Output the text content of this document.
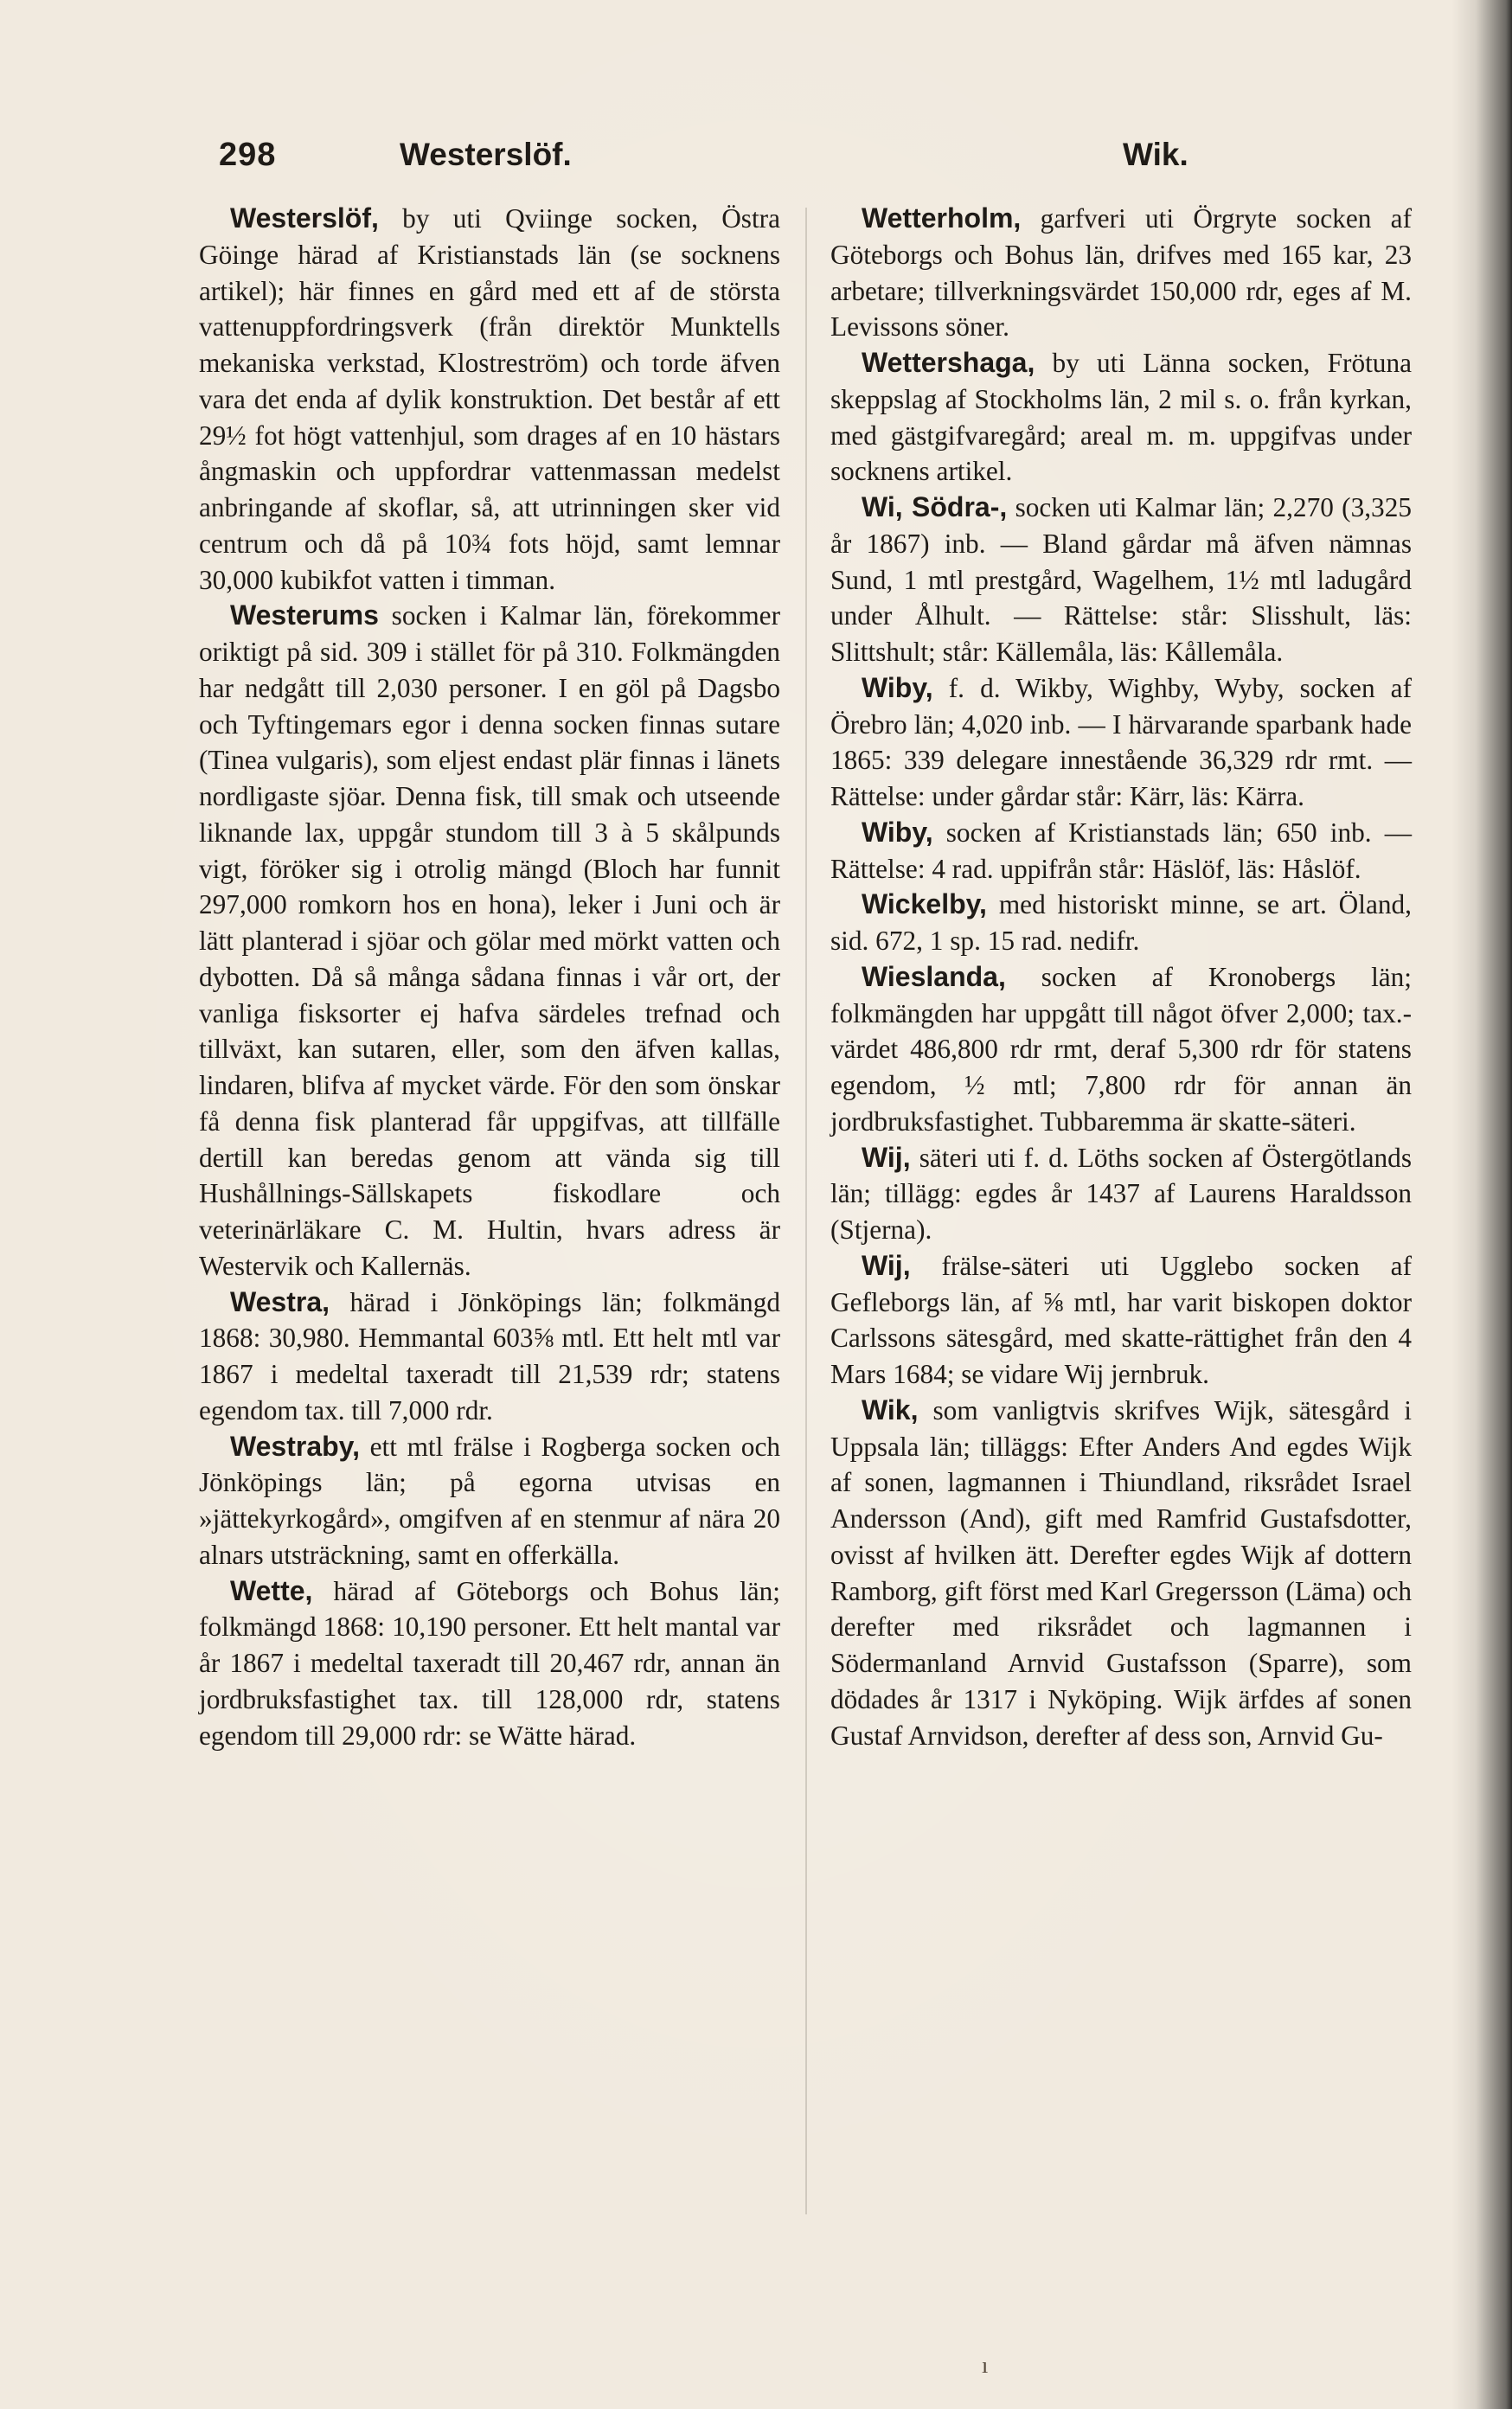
298	Westerslöf.	Wik.

Westerslöf, by uti Qviinge socken, Östra Göinge härad af Kristianstads län (se socknens artikel); här finnes en gård med ett af de största vattenuppfordringsverk (från direktör Munktells mekaniska verkstad, Klostreström) och torde äfven vara det enda af dylik konstruktion. Det består af ett 29½ fot högt vattenhjul, som drages af en 10 hästars ångmaskin och uppfordrar vattenmassan medelst anbringande af skoflar, så, att utrinningen sker vid centrum och då på 10¾ fots höjd, samt lemnar 30,000 kubikfot vatten i timman.

Westerums socken i Kalmar län, förekommer oriktigt på sid. 309 i stället för på 310. Folkmängden har nedgått till 2,030 personer. I en göl på Dagsbo och Tyftingemars egor i denna socken finnas sutare (Tinea vulgaris), som eljest endast plär finnas i länets nordligaste sjöar. Denna fisk, till smak och utseende liknande lax, uppgår stundom till 3 à 5 skålpunds vigt, föröker sig i otrolig mängd (Bloch har funnit 297,000 romkorn hos en hona), leker i Juni och är lätt planterad i sjöar och gölar med mörkt vatten och dybotten. Då så många sådana finnas i vår ort, der vanliga fisksorter ej hafva särdeles trefnad och tillväxt, kan sutaren, eller, som den äfven kallas, lindaren, blifva af mycket värde. För den som önskar få denna fisk planterad får uppgifvas, att tillfälle dertill kan beredas genom att vända sig till Hushållnings-Sällskapets fiskodlare och veterinärläkare C. M. Hultin, hvars adress är Westervik och Kallernäs.

Westra, härad i Jönköpings län; folkmängd 1868: 30,980. Hemmantal 603⅝ mtl. Ett helt mtl var 1867 i medeltal taxeradt till 21,539 rdr; statens egendom tax. till 7,000 rdr.

Westraby, ett mtl frälse i Rogberga socken och Jönköpings län; på egorna utvisas en »jättekyrkogård», omgifven af en stenmur af nära 20 alnars utsträckning, samt en offerkälla.

Wette, härad af Göteborgs och Bohus län; folkmängd 1868: 10,190 personer. Ett helt mantal var år 1867 i medeltal taxeradt till 20,467 rdr, annan än jordbruksfastighet tax. till 128,000 rdr, statens egendom till 29,000 rdr: se Wätte härad.

Wetterholm, garfveri uti Örgryte socken af Göteborgs och Bohus län, drifves med 165 kar, 23 arbetare; tillverkningsvärdet 150,000 rdr, eges af M. Levissons söner.

Wettershaga, by uti Länna socken, Frötuna skeppslag af Stockholms län, 2 mil s. o. från kyrkan, med gästgifvaregård; areal m. m. uppgifvas under socknens artikel.

Wi, Södra-, socken uti Kalmar län; 2,270 (3,325 år 1867) inb. — Bland gårdar må äfven nämnas Sund, 1 mtl prestgård, Wagelhem, 1½ mtl ladugård under Ålhult. — Rättelse: står: Slisshult, läs: Slittshult; står: Källemåla, läs: Kållemåla.

Wiby, f. d. Wikby, Wighby, Wyby, socken af Örebro län; 4,020 inb. — I härvarande sparbank hade 1865: 339 delegare innestående 36,329 rdr rmt. — Rättelse: under gårdar står: Kärr, läs: Kärra.

Wiby, socken af Kristianstads län; 650 inb. — Rättelse: 4 rad. uppifrån står: Häslöf, läs: Håslöf.

Wickelby, med historiskt minne, se art. Öland, sid. 672, 1 sp. 15 rad. nedifr.

Wieslanda, socken af Kronobergs län; folkmängden har uppgått till något öfver 2,000; tax.-värdet 486,800 rdr rmt, deraf 5,300 rdr för statens egendom, ½ mtl; 7,800 rdr för annan än jordbruksfastighet. Tubbaremma är skatte-säteri.

Wij, säteri uti f. d. Löths socken af Östergötlands län; tillägg: egdes år 1437 af Laurens Haraldsson (Stjerna).

Wij, frälse-säteri uti Ugglebo socken af Gefleborgs län, af ⅝ mtl, har varit biskopen doktor Carlssons sätesgård, med skatte-rättighet från den 4 Mars 1684; se vidare Wij jernbruk.

Wik, som vanligtvis skrifves Wijk, sätesgård i Uppsala län; tilläggs: Efter Anders And egdes Wijk af sonen, lagmannen i Thiundland, riksrådet Israel Andersson (And), gift med Ramfrid Gustafsdotter, ovisst af hvilken ätt. Derefter egdes Wijk af dottern Ramborg, gift först med Karl Gregersson (Läma) och derefter med riksrådet och lagmannen i Södermanland Arnvid Gustafsson (Sparre), som dödades år 1317 i Nyköping. Wijk ärfdes af sonen Gustaf Arnvidson, derefter af dess son, Arnvid Gu-

ı
